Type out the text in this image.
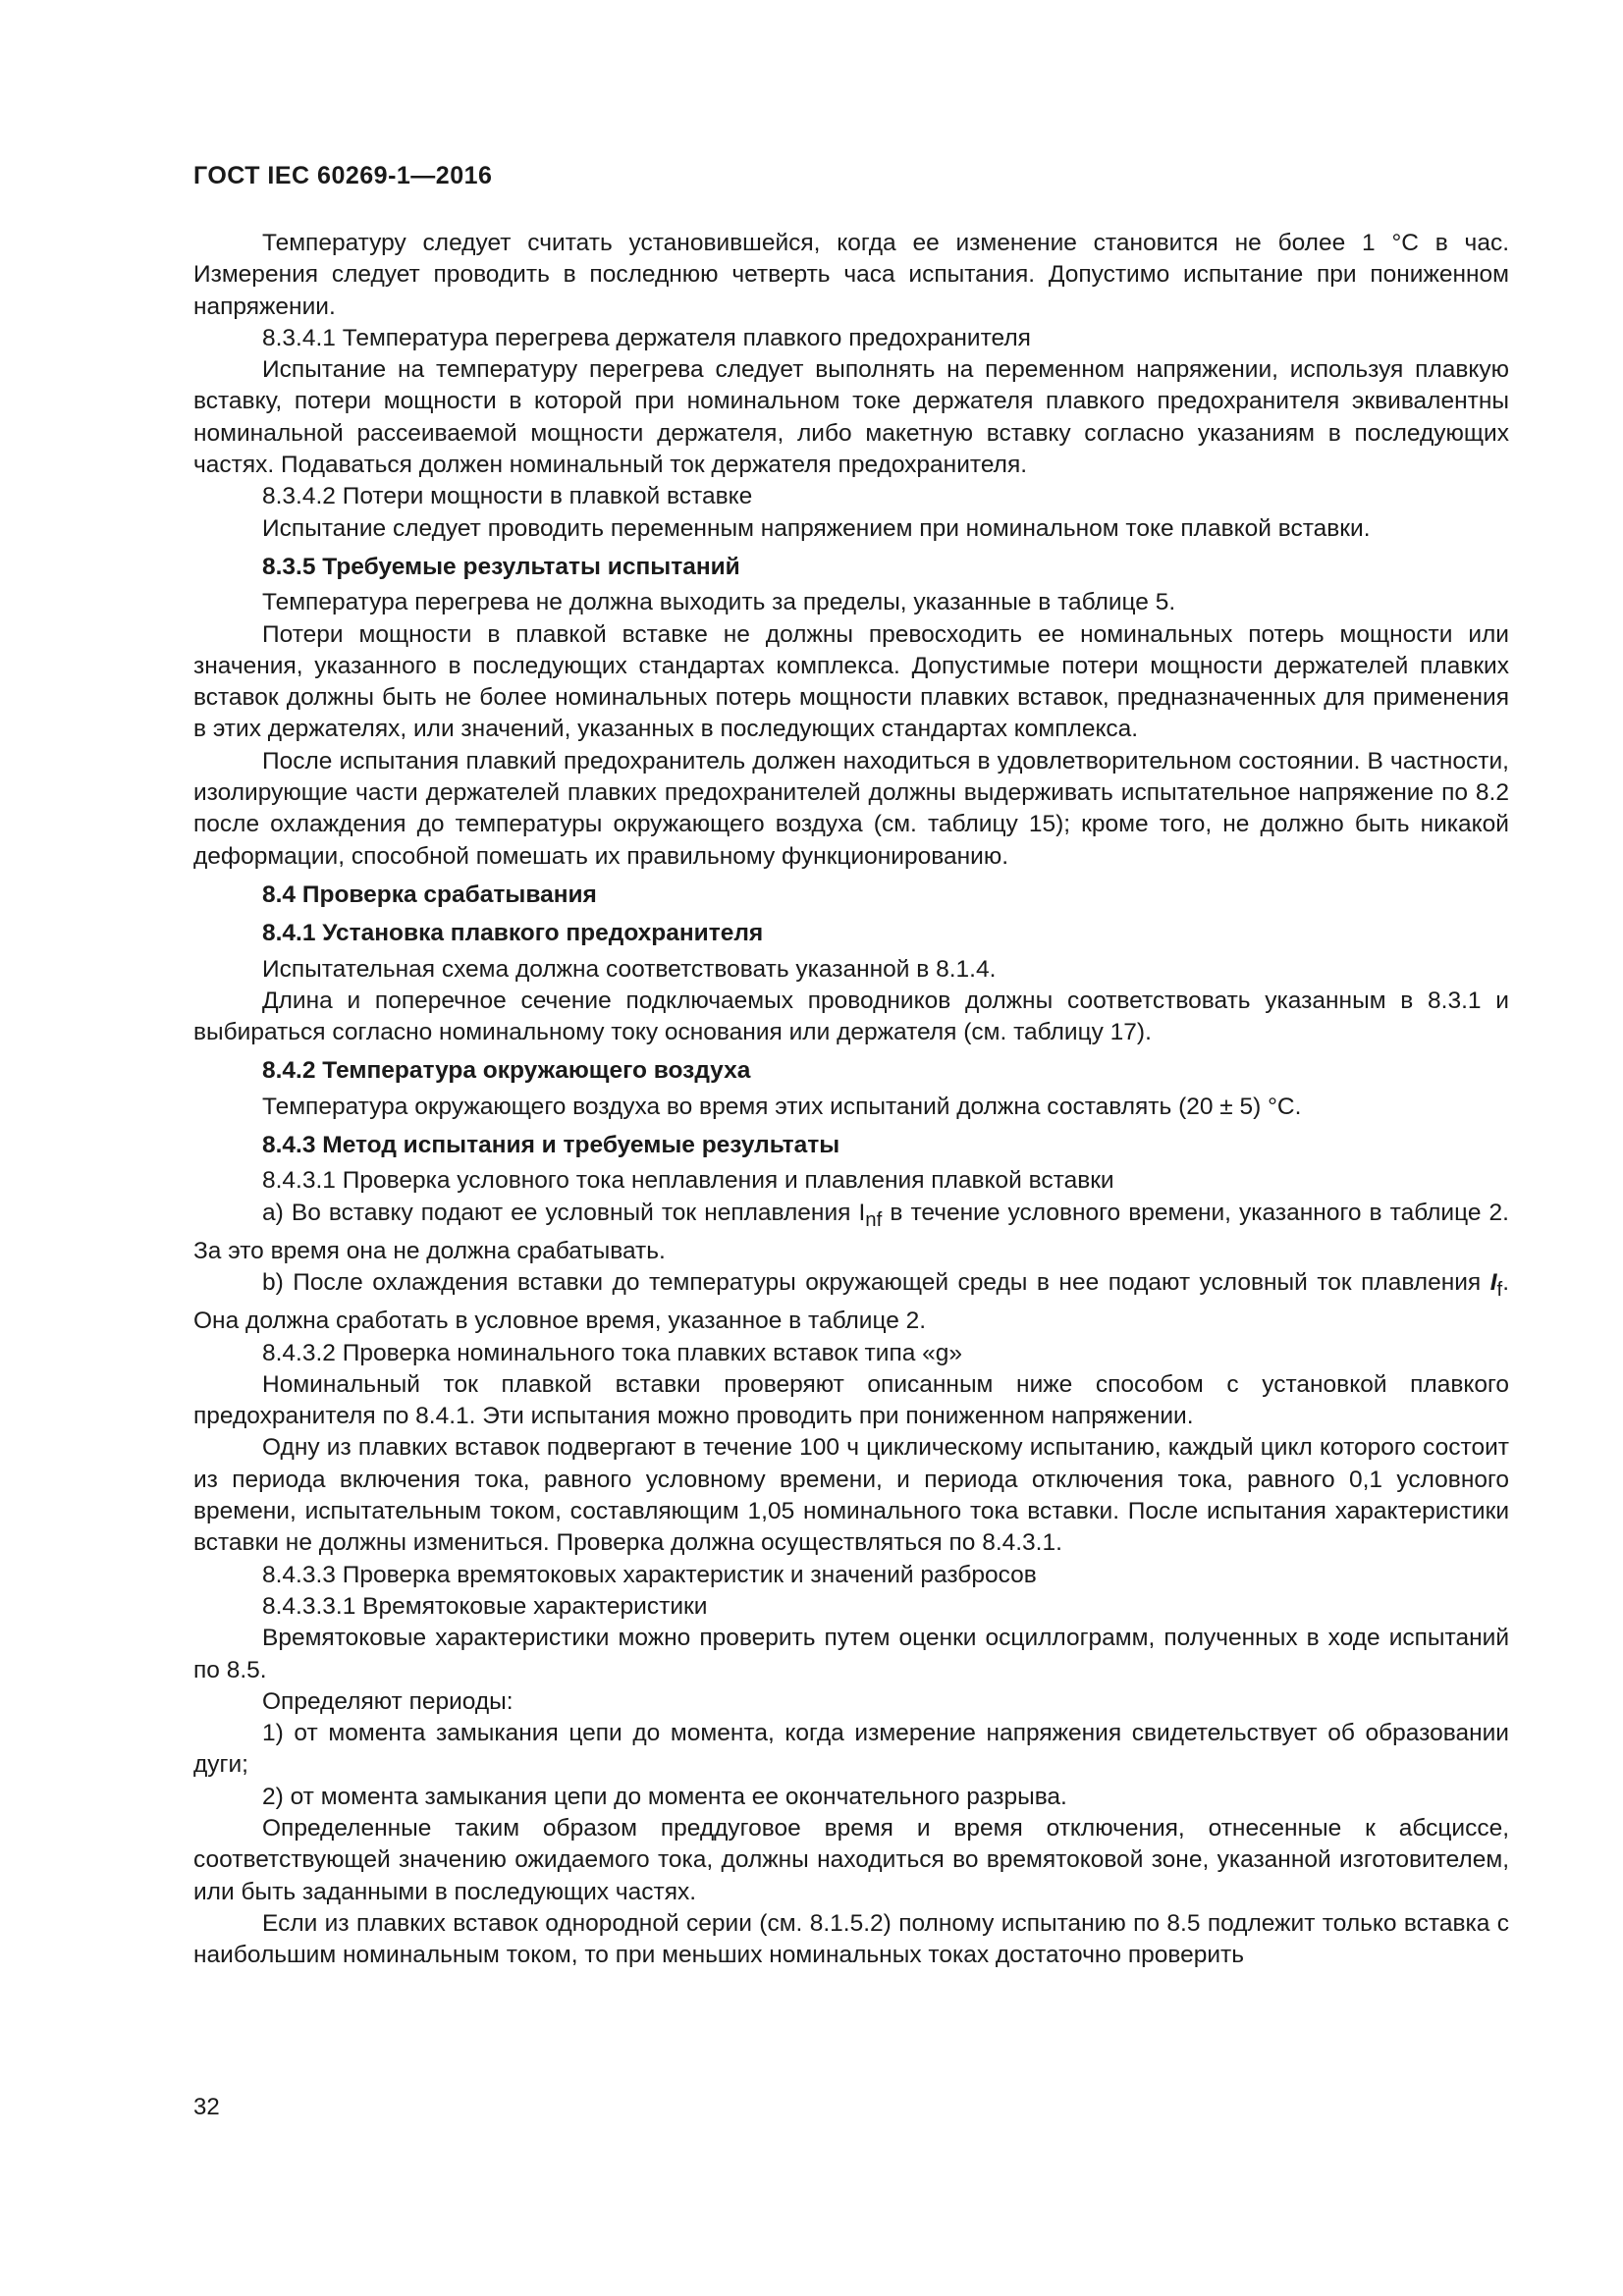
ГОСТ IEC 60269-1—2016

Температуру следует считать установившейся, когда ее изменение становится не более 1 °С в час. Измерения следует проводить в последнюю четверть часа испытания. Допустимо испытание при пониженном напряжении.

8.3.4.1 Температура перегрева держателя плавкого предохранителя

Испытание на температуру перегрева следует выполнять на переменном напряжении, используя плавкую вставку, потери мощности в которой при номинальном токе держателя плавкого предохранителя эквивалентны номинальной рассеиваемой мощности держателя, либо макетную вставку согласно указаниям в последующих частях. Подаваться должен номинальный ток держателя предохранителя.

8.3.4.2 Потери мощности в плавкой вставке

Испытание следует проводить переменным напряжением при номинальном токе плавкой вставки.

8.3.5 Требуемые результаты испытаний

Температура перегрева не должна выходить за пределы, указанные в таблице 5.

Потери мощности в плавкой вставке не должны превосходить ее номинальных потерь мощности или значения, указанного в последующих стандартах комплекса. Допустимые потери мощности держателей плавких вставок должны быть не более номинальных потерь мощности плавких вставок, предназначенных для применения в этих держателях, или значений, указанных в последующих стандартах комплекса.

После испытания плавкий предохранитель должен находиться в удовлетворительном состоянии. В частности, изолирующие части держателей плавких предохранителей должны выдерживать испытательное напряжение по 8.2 после охлаждения до температуры окружающего воздуха (см. таблицу 15); кроме того, не должно быть никакой деформации, способной помешать их правильному функционированию.

8.4 Проверка срабатывания

8.4.1 Установка плавкого предохранителя

Испытательная схема должна соответствовать указанной в 8.1.4.

Длина и поперечное сечение подключаемых проводников должны соответствовать указанным в 8.3.1 и выбираться согласно номинальному току основания или держателя (см. таблицу 17).

8.4.2 Температура окружающего воздуха

Температура окружающего воздуха во время этих испытаний должна составлять (20 ± 5) °С.

8.4.3 Метод испытания и требуемые результаты

8.4.3.1 Проверка условного тока неплавления и плавления плавкой вставки

a) Во вставку подают ее условный ток неплавления $I_{nf}$ в течение условного времени, указанного в таблице 2. За это время она не должна срабатывать.

b) После охлаждения вставки до температуры окружающей среды в нее подают условный ток плавления $I_f$. Она должна сработать в условное время, указанное в таблице 2.

8.4.3.2 Проверка номинального тока плавких вставок типа «g»

Номинальный ток плавкой вставки проверяют описанным ниже способом с установкой плавкого предохранителя по 8.4.1. Эти испытания можно проводить при пониженном напряжении.

Одну из плавких вставок подвергают в течение 100 ч циклическому испытанию, каждый цикл которого состоит из периода включения тока, равного условному времени, и периода отключения тока, равного 0,1 условного времени, испытательным током, составляющим 1,05 номинального тока вставки. После испытания характеристики вставки не должны измениться. Проверка должна осуществляться по 8.4.3.1.

8.4.3.3 Проверка времятоковых характеристик и значений разбросов

8.4.3.3.1 Времятоковые характеристики

Времятоковые характеристики можно проверить путем оценки осциллограмм, полученных в ходе испытаний по 8.5.

Определяют периоды:

1) от момента замыкания цепи до момента, когда измерение напряжения свидетельствует об образовании дуги;

2) от момента замыкания цепи до момента ее окончательного разрыва.

Определенные таким образом преддуговое время и время отключения, отнесенные к абсциссе, соответствующей значению ожидаемого тока, должны находиться во времятоковой зоне, указанной изготовителем, или быть заданными в последующих частях.

Если из плавких вставок однородной серии (см. 8.1.5.2) полному испытанию по 8.5 подлежит только вставка с наибольшим номинальным током, то при меньших номинальных токах достаточно проверить

32
